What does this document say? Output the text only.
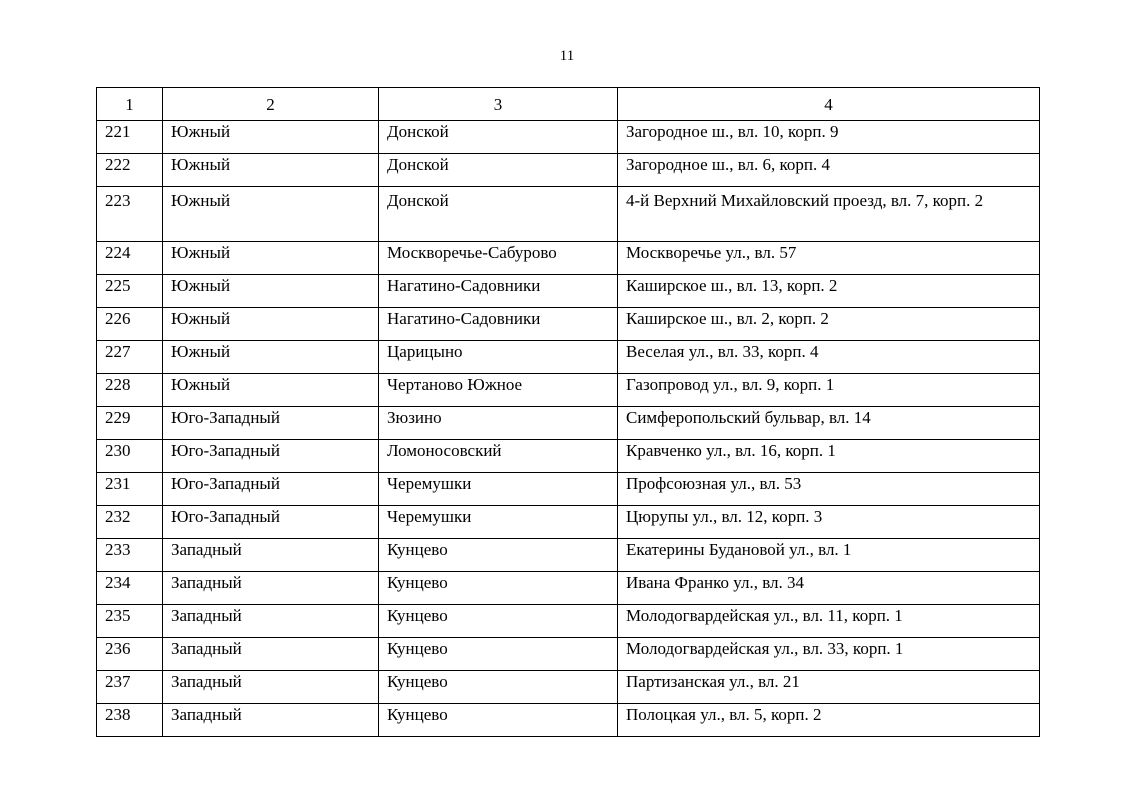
11
1	2	3	4
221	Южный	Донской	Загородное ш., вл. 10, корп. 9
222	Южный	Донской	Загородное ш., вл. 6, корп. 4
223	Южный	Донской	4-й Верхний Михайловский проезд, вл. 7, корп. 2
224	Южный	Москворечье-Сабурово	Москворечье ул., вл. 57
225	Южный	Нагатино-Садовники	Каширское ш., вл. 13, корп. 2
226	Южный	Нагатино-Садовники	Каширское ш., вл. 2, корп. 2
227	Южный	Царицыно	Веселая ул., вл. 33, корп. 4
228	Южный	Чертаново Южное	Газопровод ул., вл. 9, корп. 1
229	Юго-Западный	Зюзино	Симферопольский бульвар, вл. 14
230	Юго-Западный	Ломоносовский	Кравченко ул., вл. 16, корп. 1
231	Юго-Западный	Черемушки	Профсоюзная ул., вл. 53
232	Юго-Западный	Черемушки	Цюрупы ул., вл. 12, корп. 3
233	Западный	Кунцево	Екатерины Будановой ул., вл. 1
234	Западный	Кунцево	Ивана Франко ул., вл. 34
235	Западный	Кунцево	Молодогвардейская ул., вл. 11, корп. 1
236	Западный	Кунцево	Молодогвардейская ул., вл. 33, корп. 1
237	Западный	Кунцево	Партизанская ул., вл. 21
238	Западный	Кунцево	Полоцкая ул., вл. 5, корп. 2
